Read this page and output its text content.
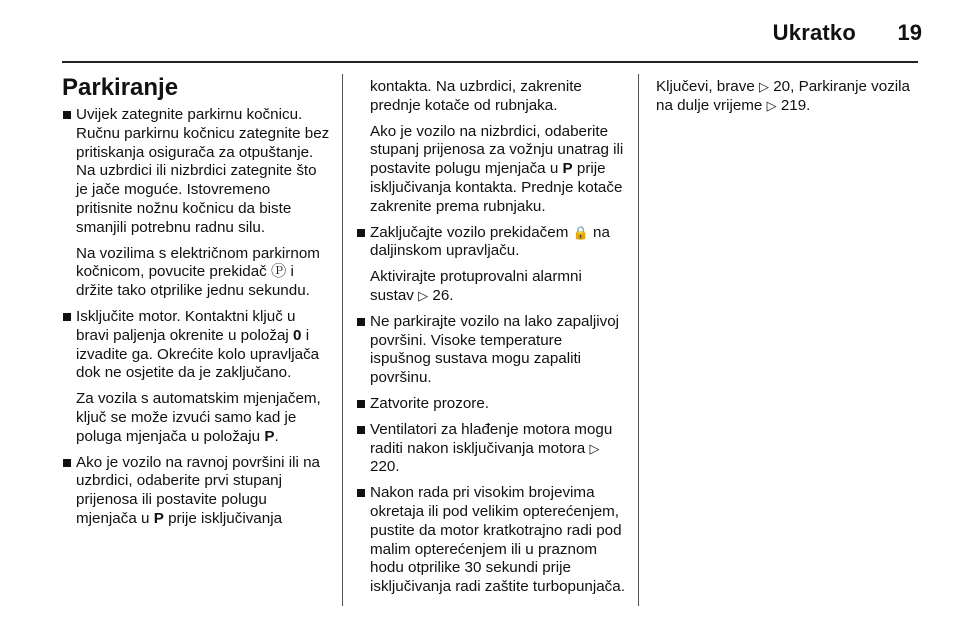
Ukratko	19
Parkiranje

Uvijek zategnite parkirnu kočnicu. Ručnu parkirnu kočnicu zategnite bez pritiskanja osigurača za otpuštanje. Na uzbrdici ili nizbrdici zategnite što je jače moguće. Istovremeno pritisnite nožnu kočnicu da biste smanjili potrebnu radnu silu.

Na vozilima s električnom parkirnom kočnicom, povucite prekidač Ⓟ i držite tako otprilike jednu sekundu.

Isključite motor. Kontaktni ključ u bravi paljenja okrenite u položaj 0 i izvadite ga. Okrećite kolo upravljača dok ne osjetite da je zaključano.

Za vozila s automatskim mjenjačem, ključ se može izvući samo kad je poluga mjenjača u položaju P.

Ako je vozilo na ravnoj površini ili na uzbrdici, odaberite prvi stupanj prijenosa ili postavite polugu mjenjača u P prije isključivanja

kontakta. Na uzbrdici, zakrenite prednje kotače od rubnjaka.

Ako je vozilo na nizbrdici, odaberite stupanj prijenosa za vožnju unatrag ili postavite polugu mjenjača u P prije isključivanja kontakta. Prednje kotače zakrenite prema rubnjaku.

Zaključajte vozilo prekidačem 🔒 na daljinskom upravljaču.

Aktivirajte protuprovalni alarmni sustav ▷ 26.

Ne parkirajte vozilo na lako zapaljivoj površini. Visoke temperature ispušnog sustava mogu zapaliti površinu.

Zatvorite prozore.

Ventilatori za hlađenje motora mogu raditi nakon isključivanja motora ▷ 220.

Nakon rada pri visokim brojevima okretaja ili pod velikim opterećenjem, pustite da motor kratkotrajno radi pod malim opterećenjem ili u praznom hodu otprilike 30 sekundi prije isključivanja radi zaštite turbopunjača.

Ključevi, brave ▷ 20, Parkiranje vozila na dulje vrijeme ▷ 219.
